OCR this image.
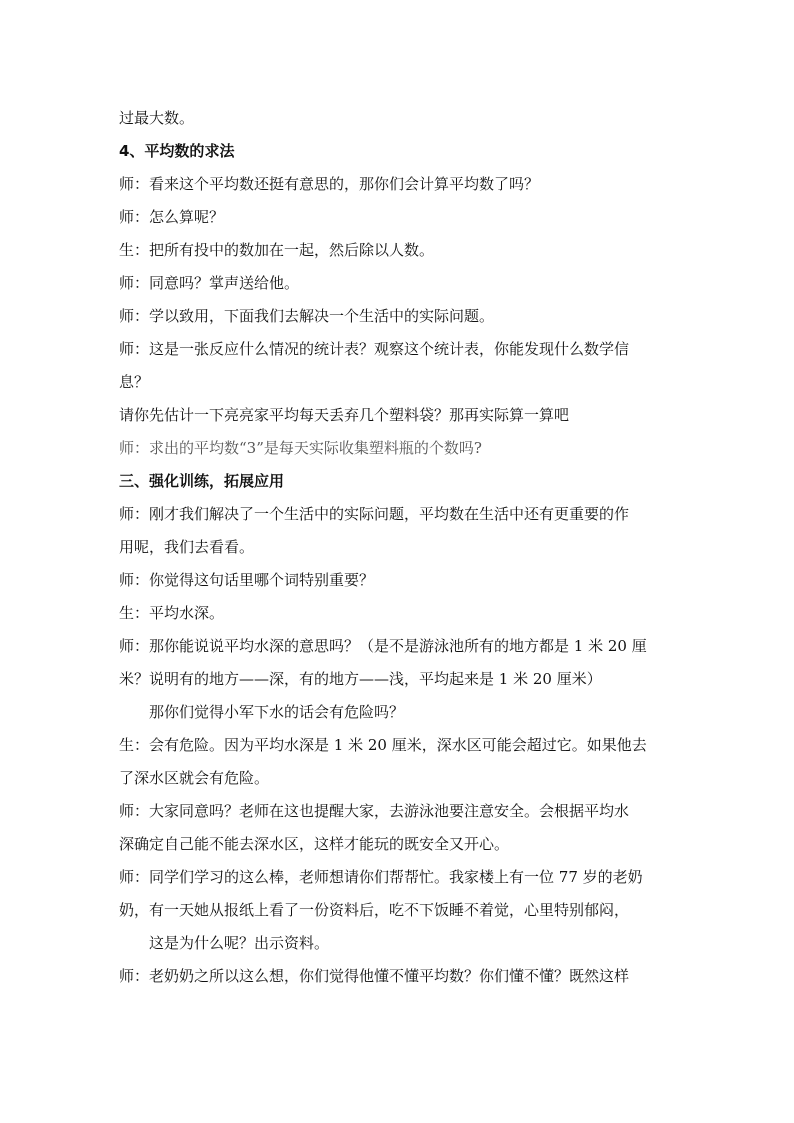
过最大数。
4、平均数的求法
师：看来这个平均数还挺有意思的，那你们会计算平均数了吗？
师：怎么算呢？
生：把所有投中的数加在一起，然后除以人数。
师：同意吗？掌声送给他。
师：学以致用，下面我们去解决一个生活中的实际问题。
师：这是一张反应什么情况的统计表？观察这个统计表，你能发现什么数学信
息？
请你先估计一下亮亮家平均每天丢弃几个塑料袋？那再实际算一算吧
师：求出的平均数“3”是每天实际收集塑料瓶的个数吗?
三、强化训练，拓展应用
师：刚才我们解决了一个生活中的实际问题，平均数在生活中还有更重要的作
用呢，我们去看看。
师：你觉得这句话里哪个词特别重要？
生：平均水深。
师：那你能说说平均水深的意思吗？（是不是游泳池所有的地方都是 1 米 20 厘
米？说明有的地方——深，有的地方——浅，平均起来是 1 米 20 厘米）
那你们觉得小军下水的话会有危险吗？
生：会有危险。因为平均水深是 1 米 20 厘米，深水区可能会超过它。如果他去
了深水区就会有危险。
师：大家同意吗？老师在这也提醒大家，去游泳池要注意安全。会根据平均水
深确定自己能不能去深水区，这样才能玩的既安全又开心。
师：同学们学习的这么棒，老师想请你们帮帮忙。我家楼上有一位 77 岁的老奶
奶，有一天她从报纸上看了一份资料后，吃不下饭睡不着觉，心里特别郁闷，
这是为什么呢？出示资料。
师：老奶奶之所以这么想，你们觉得他懂不懂平均数？你们懂不懂？既然这样
